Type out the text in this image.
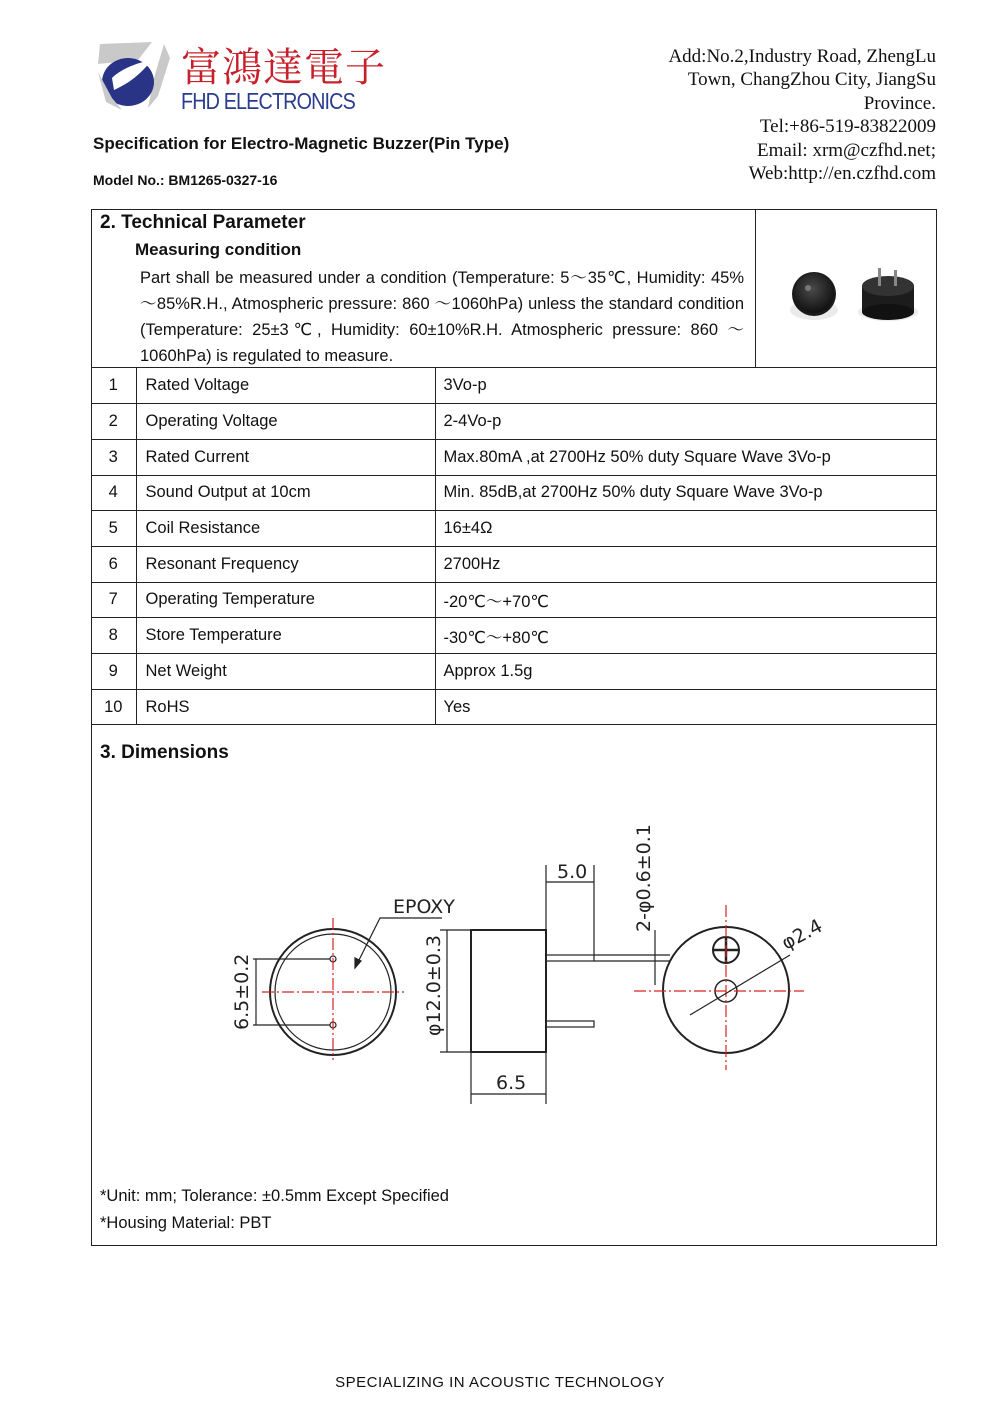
富鴻達電子
FHD ELECTRONICS
Specification for Electro-Magnetic Buzzer(Pin Type)
Model No.: BM1265-0327-16
Add:No.2,Industry Road, ZhengLu
Town, ChangZhou City, JiangSu
Province.
Tel:+86-519-83822009
Email: xrm@czfhd.net;
Web:http://en.czfhd.com
2. Technical Parameter
Measuring condition
Part shall be measured under a condition (Temperature: 5～35℃, Humidity: 45%～85%R.H., Atmospheric pressure: 860 ～1060hPa) unless the standard condition (Temperature: 25±3℃, Humidity: 60±10%R.H. Atmospheric pressure: 860 ～1060hPa) is regulated to measure.
1	Rated Voltage	3Vo-p
2	Operating Voltage	2-4Vo-p
3	Rated Current	Max.80mA ,at 2700Hz 50% duty Square Wave 3Vo-p
4	Sound Output at 10cm	Min. 85dB,at 2700Hz 50% duty Square Wave 3Vo-p
5	Coil Resistance	16±4Ω
6	Resonant Frequency	2700Hz
7	Operating Temperature	-20℃～+70℃
8	Store Temperature	-30℃～+80℃
9	Net Weight	Approx 1.5g
10	RoHS	Yes
3. Dimensions
EPOXY
6.5±0.2	φ12.0±0.3
5.0 2-φ0.6±0.1
6.5
φ2.4
*Unit: mm; Tolerance: ±0.5mm Except Specified
*Housing Material: PBT
SPECIALIZING IN ACOUSTIC TECHNOLOGY
